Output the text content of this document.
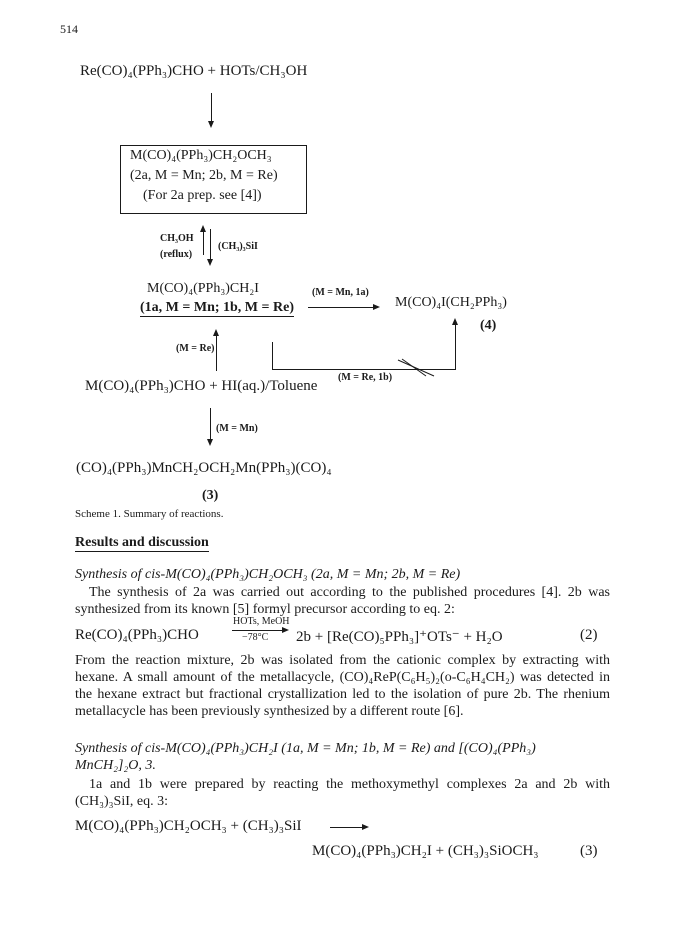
514
Re(CO)₄(PPh₃)CHO + HOTs/CH₃OH
M(CO)₄(PPh₃)CH₂OCH₃
(2a, M = Mn; 2b, M = Re)
(For 2a prep. see [4])
CH₃OH
(reflux)
(CH₃)₃SiI
M(CO)₄(PPh₃)CH₂I
(1a, M = Mn; 1b, M = Re)
(M = Mn, 1a)
M(CO)₄I(CH₂PPh₃)
(4)
(M = Re, 1b)
(M = Re)
M(CO)₄(PPh₃)CHO + HI(aq.)/Toluene
(M = Mn)
(CO)₄(PPh₃)MnCH₂OCH₂Mn(PPh₃)(CO)₄
(3)
Scheme 1. Summary of reactions.
Results and discussion
Synthesis of cis-M(CO)₄(PPh₃)CH₂OCH₃ (2a, M = Mn; 2b, M = Re)
The synthesis of 2a was carried out according to the published procedures [4]. 2b was synthesized from its known [5] formyl precursor according to eq. 2:
Re(CO)₄(PPh₃)CHO
HOTs, MeOH
−78°C 2b + [Re(CO)₅PPh₃]⁺OTs⁻ + H₂O	(2)
From the reaction mixture, 2b was isolated from the cationic complex by extracting with hexane. A small amount of the metallacycle, (CO)₄ReP(C₆H₅)₂(o-C₆H₄CH₂) was detected in the hexane extract but fractional crystallization led to the isolation of pure 2b. The rhenium metallacycle has been previously synthesized by a different route [6].
Synthesis of cis-M(CO)₄(PPh₃)CH₂I (1a, M = Mn; 1b, M = Re) and [(CO)₄(PPh₃)
MnCH₂]₂O, 3.
1a and 1b were prepared by reacting the methoxymethyl complexes 2a and 2b with (CH₃)₃SiI, eq. 3:
M(CO)₄(PPh₃)CH₂OCH₃ + (CH₃)₃SiI
M(CO)₄(PPh₃)CH₂I + (CH₃)₃SiOCH₃	(3)
